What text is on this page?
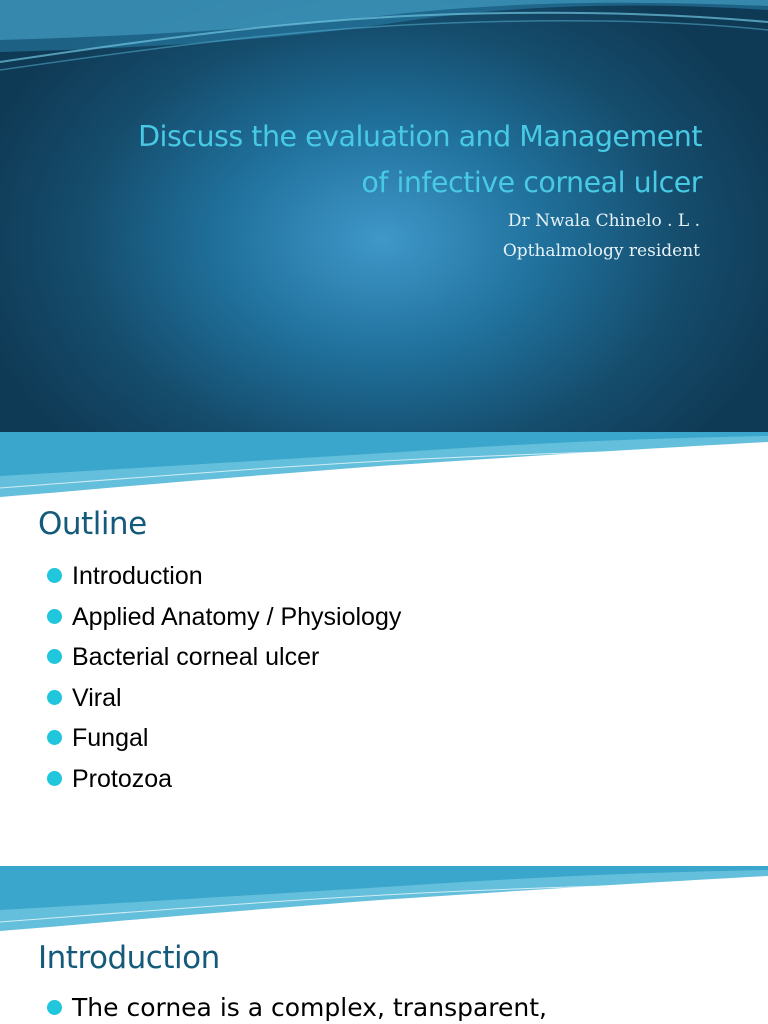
Discuss the evaluation and Management
of infective corneal ulcer
Dr Nwala Chinelo . L .
Opthalmology resident
Outline
Introduction
Applied Anatomy / Physiology
Bacterial corneal ulcer
Viral
Fungal
Protozoa
Introduction
The cornea is a complex, transparent,
